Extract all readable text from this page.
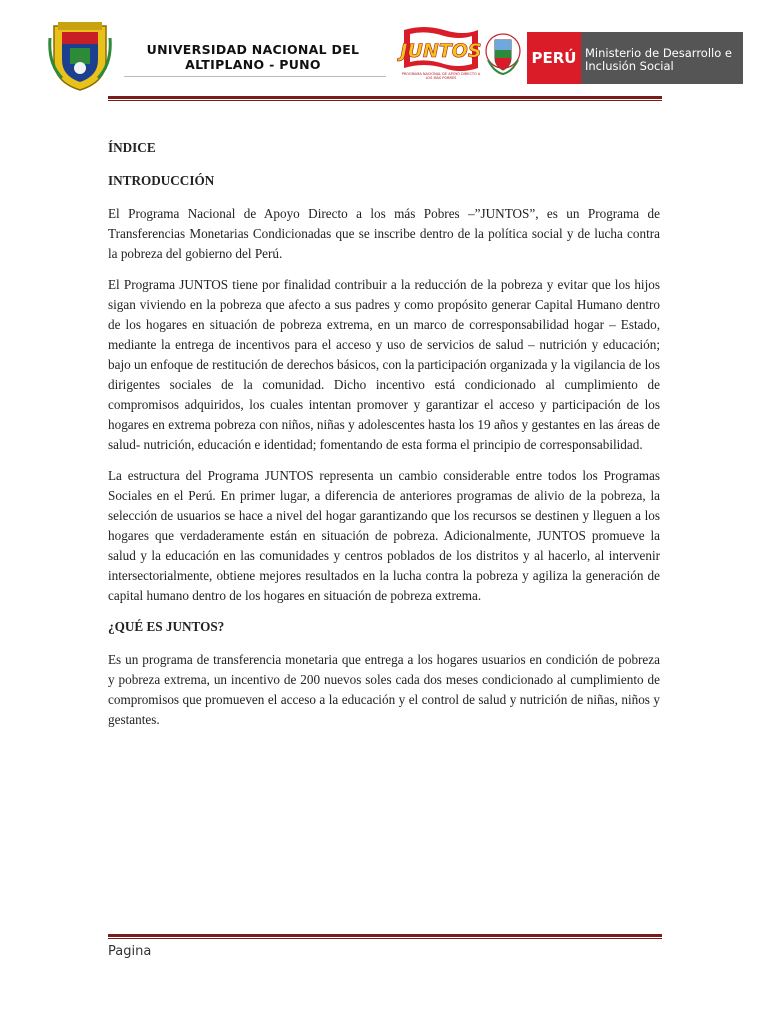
UNIVERSIDAD NACIONAL DEL ALTIPLANO - PUNO
JUNTOS
PROGRAMA NACIONAL DE APOYO DIRECTO A LOS MÁS POBRES
PERÚ Ministerio de Desarrollo e Inclusión Social
ÍNDICE
INTRODUCCIÓN

El Programa Nacional de Apoyo Directo a los más Pobres –”JUNTOS”, es un Programa de Transferencias Monetarias Condicionadas que se inscribe dentro de la política social y de lucha contra la pobreza del gobierno del Perú.

El Programa JUNTOS tiene por finalidad contribuir a la reducción de la pobreza y evitar que los hijos sigan viviendo en la pobreza que afecto a sus padres y como propósito generar Capital Humano dentro de los hogares en situación de pobreza extrema, en un marco de corresponsabilidad hogar – Estado, mediante la entrega de incentivos para el acceso y uso de servicios de salud – nutrición y educación; bajo un enfoque de restitución de derechos básicos, con la participación organizada y la vigilancia de los dirigentes sociales de la comunidad. Dicho incentivo está condicionado al cumplimiento de compromisos adquiridos, los cuales intentan promover y garantizar el acceso y participación de los hogares en extrema pobreza con niños, niñas y adolescentes hasta los 19 años y gestantes en las áreas de salud- nutrición, educación e identidad; fomentando de esta forma el principio de corresponsabilidad.

La estructura del Programa JUNTOS representa un cambio considerable entre todos los Programas Sociales en el Perú. En primer lugar, a diferencia de anteriores programas de alivio de la pobreza, la selección de usuarios se hace a nivel del hogar garantizando que los recursos se destinen y lleguen a los hogares que verdaderamente están en situación de pobreza. Adicionalmente, JUNTOS promueve la salud y la educación en las comunidades y centros poblados de los distritos y al hacerlo, al intervenir intersectorialmente, obtiene mejores resultados en la lucha contra la pobreza y agiliza la generación de capital humano dentro de los hogares en situación de pobreza extrema.

¿QUÉ ES JUNTOS?

Es un programa de transferencia monetaria que entrega a los hogares usuarios en condición de pobreza y pobreza extrema, un incentivo de 200 nuevos soles cada dos meses condicionado al cumplimiento de compromisos que promueven el acceso a la educación y el control de salud y nutrición de niñas, niños y gestantes.

Pagina
